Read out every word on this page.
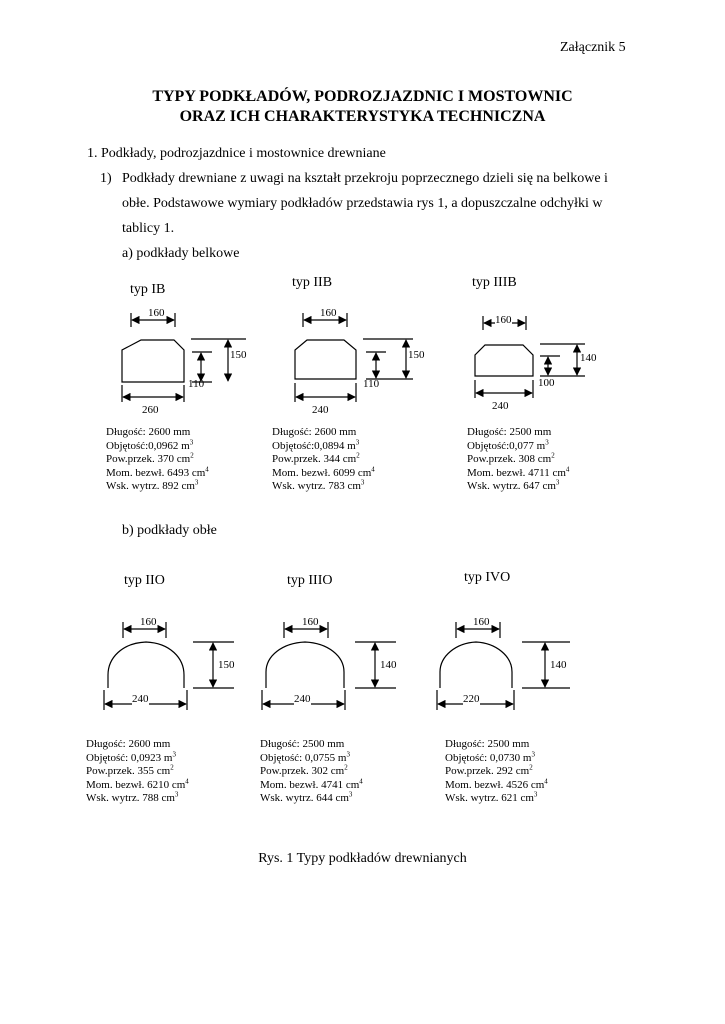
Załącznik 5
TYPY PODKŁADÓW, PODROZJAZDNIC I MOSTOWNIC
ORAZ ICH CHARAKTERYSTYKA TECHNICZNA
1. Podkłady, podrozjazdnice i mostownice drewniane
1) Podkłady drewniane z uwagi na kształt przekroju poprzecznego dzieli się na belkowe i
obłe. Podstawowe wymiary podkładów przedstawia rys 1, a dopuszczalne odchyłki w
tablicy 1.
a) podkłady belkowe
b) podkłady obłe
typ IB
160
150
110
260
typ IIB
160
150
110
240
typ IIIB
160
140
100
240
Długość: 2600 mm
Objętość:0,0962 $m^3$
Pow.przek. 370 $cm^2$
Mom. bezwł. 6493 $cm^4$
Wsk. wytrz. 892 $cm^3$
Długość: 2600 mm
Objętość:0,0894 $m^3$
Pow.przek. 344 $cm^2$
Mom. bezwł. 6099 $cm^4$
Wsk. wytrz. 783 $cm^3$
Długość: 2500 mm
Objętość:0,077 $m^3$
Pow.przek. 308 $cm^2$
Mom. bezwł. 4711 $cm^4$
Wsk. wytrz. 647 $cm^3$
typ IIO
160
150
240
typ IIIO
160
140
240
typ IVO
160
140
220
Długość: 2600 mm
Objętość: 0,0923 $m^3$
Pow.przek. 355 $cm^2$
Mom. bezwł. 6210 $cm^4$
Wsk. wytrz. 788 $cm^3$
Długość: 2500 mm
Objętość: 0,0755 $m^3$
Pow.przek. 302 $cm^2$
Mom. bezwł. 4741 $cm^4$
Wsk. wytrz. 644 $cm^3$
Długość: 2500 mm
Objętość: 0,0730 $m^3$
Pow.przek. 292 $cm^2$
Mom. bezwł. 4526 $cm^4$
Wsk. wytrz. 621 $cm^3$
Rys. 1 Typy podkładów drewnianych
